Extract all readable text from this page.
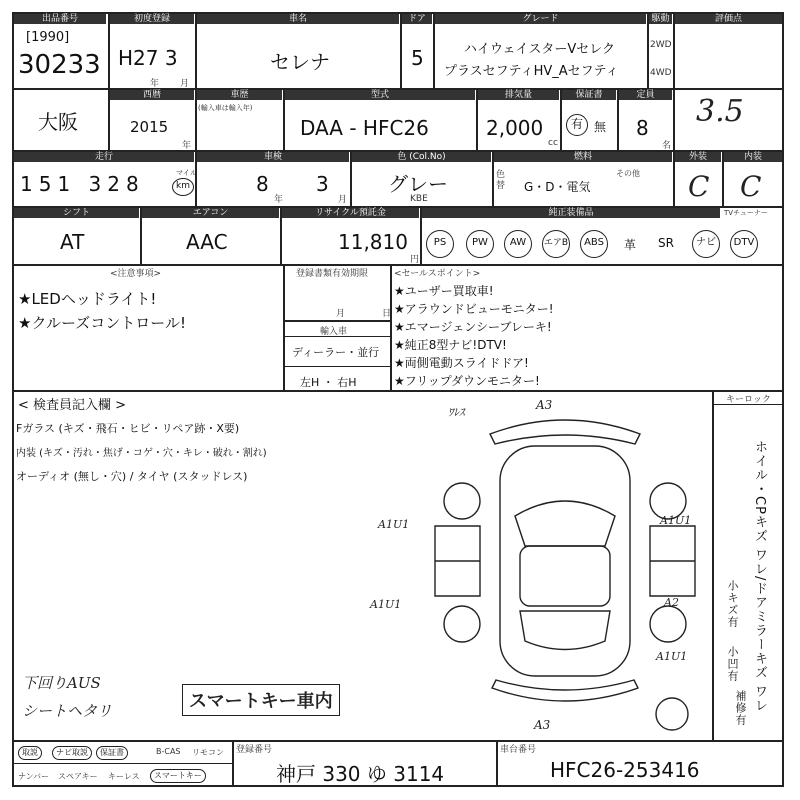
出品番号
[1990]
30233
初度登録
H27 3
年 月
車名
セレナ
ドア
5
グレード
ハイウェイスターVセレク
プラスセフティHV_Aセフティ
駆動
2WD
4WD
評価点
3.5
大阪
西暦
2015
年
車歴
(輸入車は輸入年)
型式
DAA - HFC26
排気量
2,000
cc
保証書
有 無
定員
8
名
走行
151 328	マイル
km
車検
8
年
3
月
色 (Col.No)
グレー
KBE
色替
燃料
G・D・電気
その他
外装
C
内装
C
シフト
AT
エアコン
AAC
リサイクル預託金
11,810
円
純正装備品	TVチューナー
PS	PW	AW	エアB	ABS	革 SR	ナビ	DTV
<注意事項>
★LEDヘッドライト!
★クルーズコントロール!
登録書類有効期限
月	日
輸入車
ディーラー・並行
左H ・ 右H
<セールスポイント>
★ユーザー買取車!
★アラウンドビューモニター!
★エマージェンシーブレーキ!
★純正8型ナビ!DTV!
★両側電動スライドドア!
★フリップダウンモニター!
< 検査員記入欄 >
Fガラス (キズ・飛石・ヒビ・リペア跡・X要)
内装 (キズ・汚れ・焦げ・コゲ・穴・キレ・破れ・割れ)
オーディオ (無し・穴) / タイヤ (スタッドレス)
下回りAUS
シートヘタリ	スマートキー車内
キーロック
ホイル・CPキズ ワレ/ドアミラーキズ ワレ
小キズ有
小凹有
補修有
ﾜﾚｽ
A3
A1U1	A1U1
A1U1	A2
A1U1
A3
取説	ナビ取説	保証書	B-CAS リモコン
ナンバー スペアキー キーレス	スマートキー
登録番号
神戸 330 ゆ 3114
車台番号
HFC26-253416
